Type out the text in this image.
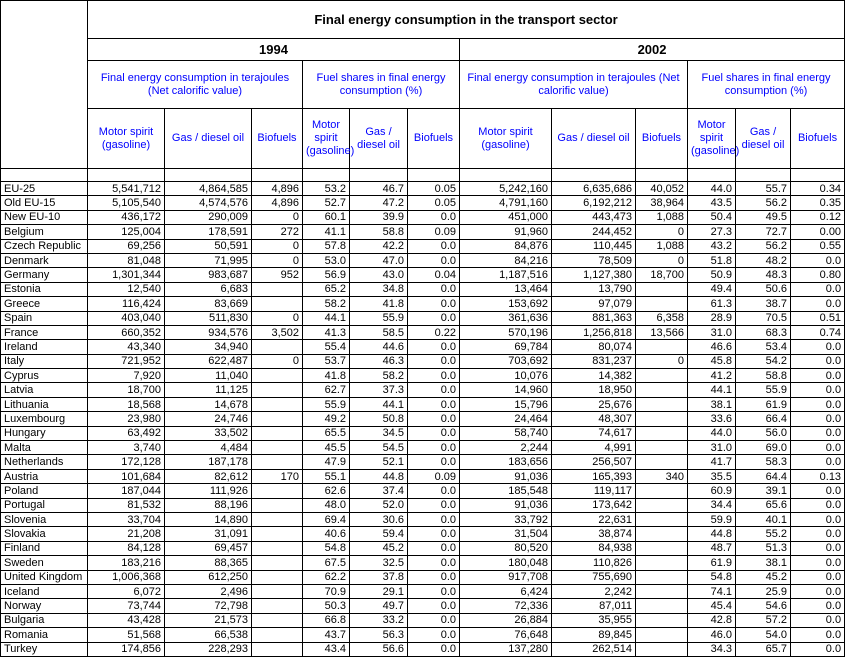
	Final energy consumption in the transport sector											
	1994						2002					
	Final energy consumption in terajoules (Net calorific value)			Fuel shares in final energy consumption (%)			Final energy consumption in terajoules (Net calorific value)			Fuel shares in final energy consumption (%)		
	Motor spirit (gasoline)	Gas / diesel oil	Biofuels	Motor spirit (gasoline)	Gas / diesel oil	Biofuels	Motor spirit (gasoline)	Gas / diesel oil	Biofuels	Motor spirit (gasoline)	Gas / diesel oil	Biofuels

EU-25	5,541,712	4,864,585	4,896	53.2	46.7	0.05	5,242,160	6,635,686	40,052	44.0	55.7	0.34
Old EU-15	5,105,540	4,574,576	4,896	52.7	47.2	0.05	4,791,160	6,192,212	38,964	43.5	56.2	0.35
New EU-10	436,172	290,009	0	60.1	39.9	0.0	451,000	443,473	1,088	50.4	49.5	0.12
Belgium	125,004	178,591	272	41.1	58.8	0.09	91,960	244,452	0	27.3	72.7	0.00
Czech Republic	69,256	50,591	0	57.8	42.2	0.0	84,876	110,445	1,088	43.2	56.2	0.55
Denmark	81,048	71,995	0	53.0	47.0	0.0	84,216	78,509	0	51.8	48.2	0.0
Germany	1,301,344	983,687	952	56.9	43.0	0.04	1,187,516	1,127,380	18,700	50.9	48.3	0.80
Estonia	12,540	6,683		65.2	34.8	0.0	13,464	13,790		49.4	50.6	0.0
Greece	116,424	83,669		58.2	41.8	0.0	153,692	97,079		61.3	38.7	0.0
Spain	403,040	511,830	0	44.1	55.9	0.0	361,636	881,363	6,358	28.9	70.5	0.51
France	660,352	934,576	3,502	41.3	58.5	0.22	570,196	1,256,818	13,566	31.0	68.3	0.74
Ireland	43,340	34,940		55.4	44.6	0.0	69,784	80,074		46.6	53.4	0.0
Italy	721,952	622,487	0	53.7	46.3	0.0	703,692	831,237	0	45.8	54.2	0.0
Cyprus	7,920	11,040		41.8	58.2	0.0	10,076	14,382		41.2	58.8	0.0
Latvia	18,700	11,125		62.7	37.3	0.0	14,960	18,950		44.1	55.9	0.0
Lithuania	18,568	14,678		55.9	44.1	0.0	15,796	25,676		38.1	61.9	0.0
Luxembourg	23,980	24,746		49.2	50.8	0.0	24,464	48,307		33.6	66.4	0.0
Hungary	63,492	33,502		65.5	34.5	0.0	58,740	74,617		44.0	56.0	0.0
Malta	3,740	4,484		45.5	54.5	0.0	2,244	4,991		31.0	69.0	0.0
Netherlands	172,128	187,178		47.9	52.1	0.0	183,656	256,507		41.7	58.3	0.0
Austria	101,684	82,612	170	55.1	44.8	0.09	91,036	165,393	340	35.5	64.4	0.13
Poland	187,044	111,926		62.6	37.4	0.0	185,548	119,117		60.9	39.1	0.0
Portugal	81,532	88,196		48.0	52.0	0.0	91,036	173,642		34.4	65.6	0.0
Slovenia	33,704	14,890		69.4	30.6	0.0	33,792	22,631		59.9	40.1	0.0
Slovakia	21,208	31,091		40.6	59.4	0.0	31,504	38,874		44.8	55.2	0.0
Finland	84,128	69,457		54.8	45.2	0.0	80,520	84,938		48.7	51.3	0.0
Sweden	183,216	88,365		67.5	32.5	0.0	180,048	110,826		61.9	38.1	0.0
United Kingdom	1,006,368	612,250		62.2	37.8	0.0	917,708	755,690		54.8	45.2	0.0
Iceland	6,072	2,496		70.9	29.1	0.0	6,424	2,242		74.1	25.9	0.0
Norway	73,744	72,798		50.3	49.7	0.0	72,336	87,011		45.4	54.6	0.0
Bulgaria	43,428	21,573		66.8	33.2	0.0	26,884	35,955		42.8	57.2	0.0
Romania	51,568	66,538		43.7	56.3	0.0	76,648	89,845		46.0	54.0	0.0
Turkey	174,856	228,293		43.4	56.6	0.0	137,280	262,514		34.3	65.7	0.0
